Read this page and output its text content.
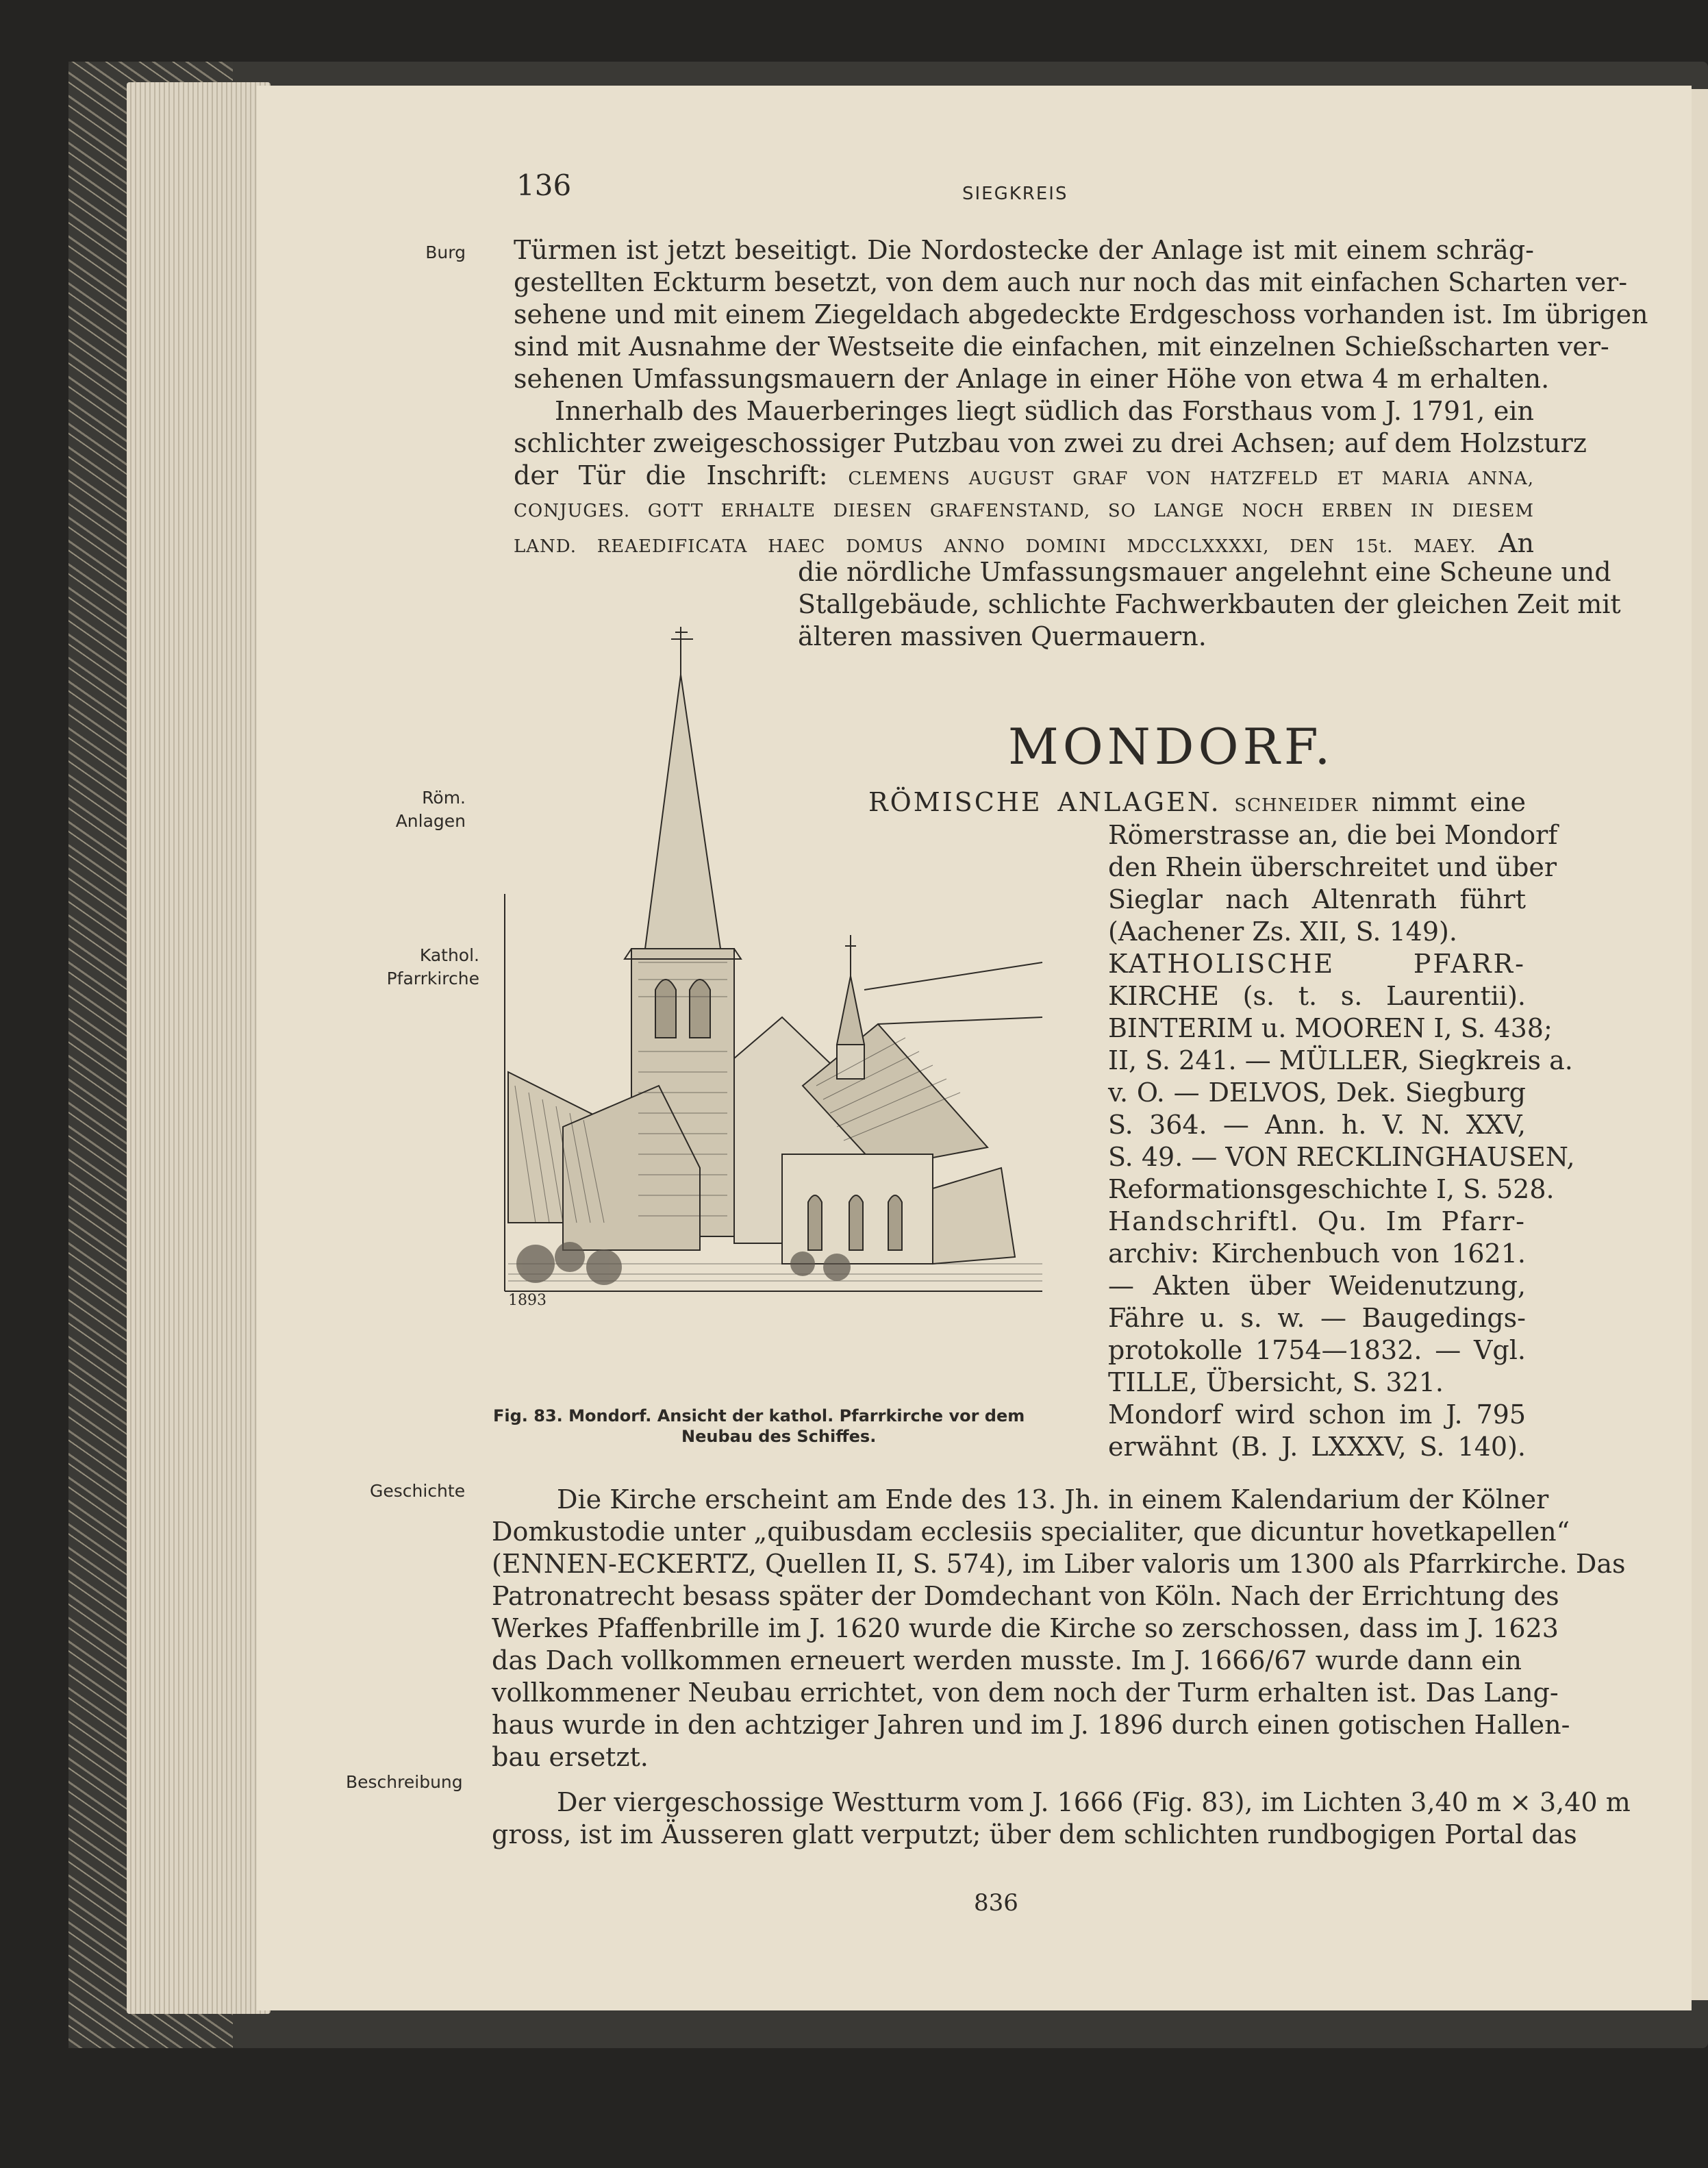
136	SIEGKREIS
Burg
Röm.
Anlagen
Kathol.
Pfarrkirche
Geschichte
Beschreibung
Türmen ist jetzt beseitigt. Die Nordostecke der Anlage ist mit einem schräg-
gestellten Eckturm besetzt, von dem auch nur noch das mit einfachen Scharten ver-
sehene und mit einem Ziegeldach abgedeckte Erdgeschoss vorhanden ist. Im übrigen
sind mit Ausnahme der Westseite die einfachen, mit einzelnen Schießscharten ver-
sehenen Umfassungsmauern der Anlage in einer Höhe von etwa 4 m erhalten.
Innerhalb des Mauerberinges liegt südlich das Forsthaus vom J. 1791, ein
schlichter zweigeschossiger Putzbau von zwei zu drei Achsen; auf dem Holzsturz
der Tür die Inschrift: CLEMENS AUGUST GRAF VON HATZFELD ET MARIA ANNA,
CONJUGES. GOTT ERHALTE DIESEN GRAFENSTAND, SO LANGE NOCH ERBEN IN DIESEM
LAND. REAEDIFICATA HAEC DOMUS ANNO DOMINI MDCCLXXXXI, DEN 15t. MAEY. An
die nördliche Umfassungsmauer angelehnt eine Scheune und
Stallgebäude, schlichte Fachwerkbauten der gleichen Zeit mit
älteren massiven Quermauern.
MONDORF.
RÖMISCHE ANLAGEN. SCHNEIDER nimmt eine
Römerstrasse an, die bei Mondorf
den Rhein überschreitet und über
Sieglar nach Altenrath führt
(Aachener Zs. XII, S. 149).
KATHOLISCHE PFARR-
KIRCHE (s. t. s. Laurentii).
BINTERIM u. MOOREN I, S. 438;
II, S. 241. — MÜLLER, Siegkreis a.
v. O. — DELVOS, Dek. Siegburg
S. 364. — Ann. h. V. N. XXV,
S. 49. — VON RECKLINGHAUSEN,
Reformationsgeschichte I, S. 528.
Handschriftl. Qu. Im Pfarr-
archiv: Kirchenbuch von 1621.
— Akten über Weidenutzung,
Fähre u. s. w. — Baugedings-
protokolle 1754—1832. — Vgl.
TILLE, Übersicht, S. 321.
Mondorf wird schon im J. 795
erwähnt (B. J. LXXXV, S. 140).
1893
Fig. 83. Mondorf. Ansicht der kathol. Pfarrkirche vor dem
Neubau des Schiffes.
Die Kirche erscheint am Ende des 13. Jh. in einem Kalendarium der Kölner
Domkustodie unter „quibusdam ecclesiis specialiter, que dicuntur hovetkapellen“
(ENNEN-ECKERTZ, Quellen II, S. 574), im Liber valoris um 1300 als Pfarrkirche. Das
Patronatrecht besass später der Domdechant von Köln. Nach der Errichtung des
Werkes Pfaffenbrille im J. 1620 wurde die Kirche so zerschossen, dass im J. 1623
das Dach vollkommen erneuert werden musste. Im J. 1666/67 wurde dann ein
vollkommener Neubau errichtet, von dem noch der Turm erhalten ist. Das Lang-
haus wurde in den achtziger Jahren und im J. 1896 durch einen gotischen Hallen-
bau ersetzt.
Der viergeschossige Westturm vom J. 1666 (Fig. 83), im Lichten 3,40 m × 3,40 m
gross, ist im Äusseren glatt verputzt; über dem schlichten rundbogigen Portal das
836
